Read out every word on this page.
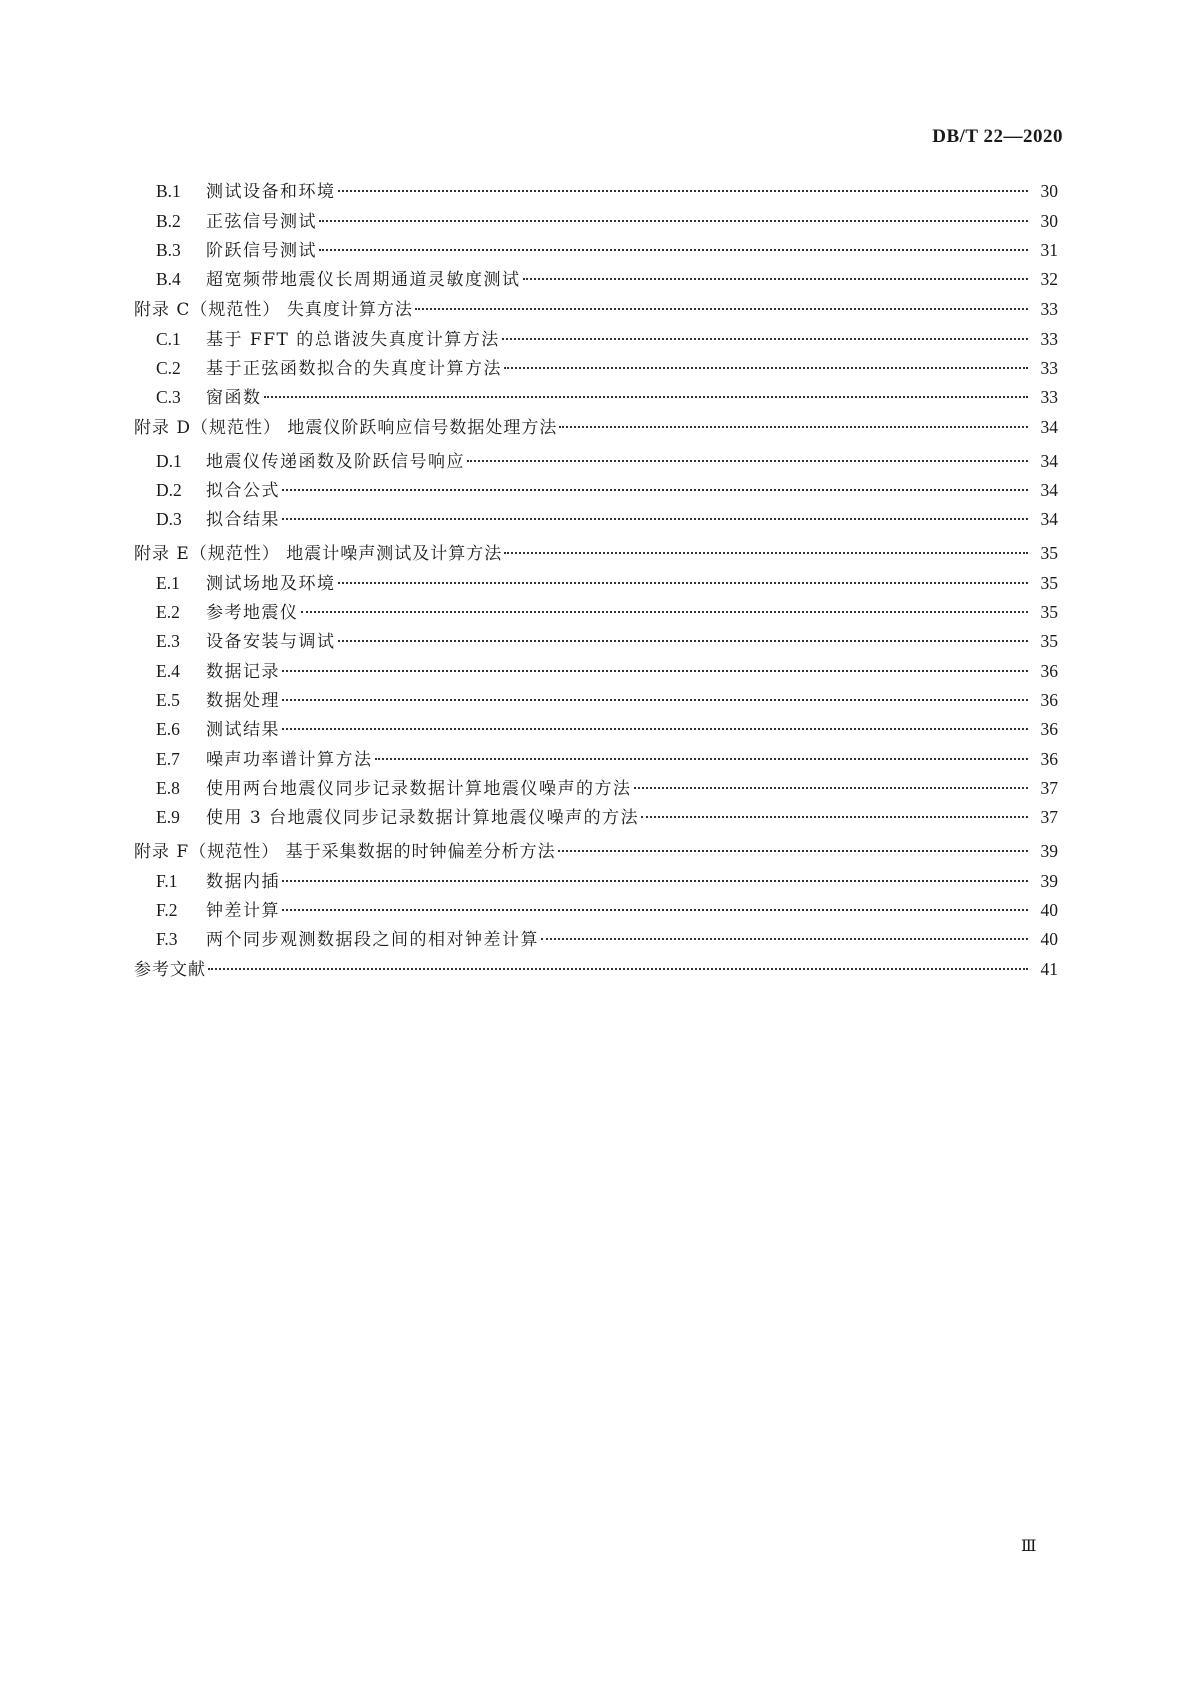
DB/T 22—2020
B.1	测试设备和环境	30
B.2	正弦信号测试	30
B.3	阶跃信号测试	31
B.4	超宽频带地震仪长周期通道灵敏度测试	32
附录 C（规范性） 失真度计算方法	33
C.1	基于 FFT 的总谐波失真度计算方法	33
C.2	基于正弦函数拟合的失真度计算方法	33
C.3	窗函数	33
附录 D（规范性） 地震仪阶跃响应信号数据处理方法	34
D.1	地震仪传递函数及阶跃信号响应	34
D.2	拟合公式	34
D.3	拟合结果	34
附录 E（规范性） 地震计噪声测试及计算方法	35
E.1	测试场地及环境	35
E.2	参考地震仪	35
E.3	设备安装与调试	35
E.4	数据记录	36
E.5	数据处理	36
E.6	测试结果	36
E.7	噪声功率谱计算方法	36
E.8	使用两台地震仪同步记录数据计算地震仪噪声的方法	37
E.9	使用 3 台地震仪同步记录数据计算地震仪噪声的方法	37
附录 F（规范性） 基于采集数据的时钟偏差分析方法	39
F.1	数据内插	39
F.2	钟差计算	40
F.3	两个同步观测数据段之间的相对钟差计算	40
参考文献	41
Ⅲ
